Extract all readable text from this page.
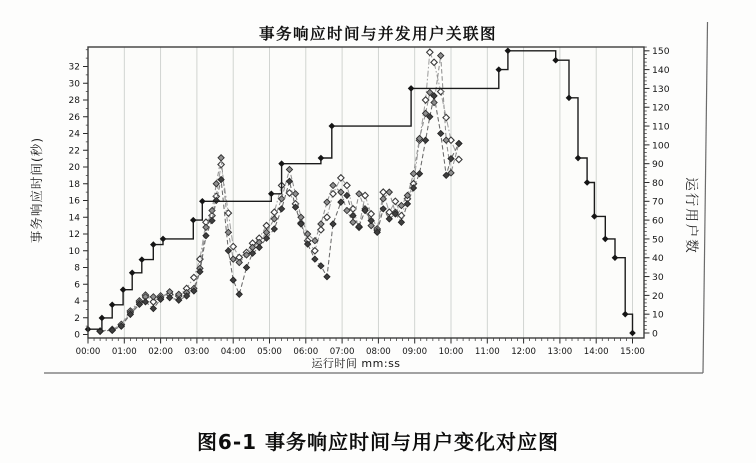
00:00 01:00 02:00 03:00 04:00 05:00 06:00 07:00 08:00 09:00 10:00 11:00 12:00 13:00 14:00 15:00
0
2
4
6
8
10
12
14
16
18
20
22
24
26
28
30
32
0
10
20
30
40
50
60
70
80
90
100
110
120
130
140
150
事务响应时间与并发用户关联图
事务响应时间(秒)	运行用户数
运行时间 mm:ss
图6-1 事务响应时间与用户变化对应图
